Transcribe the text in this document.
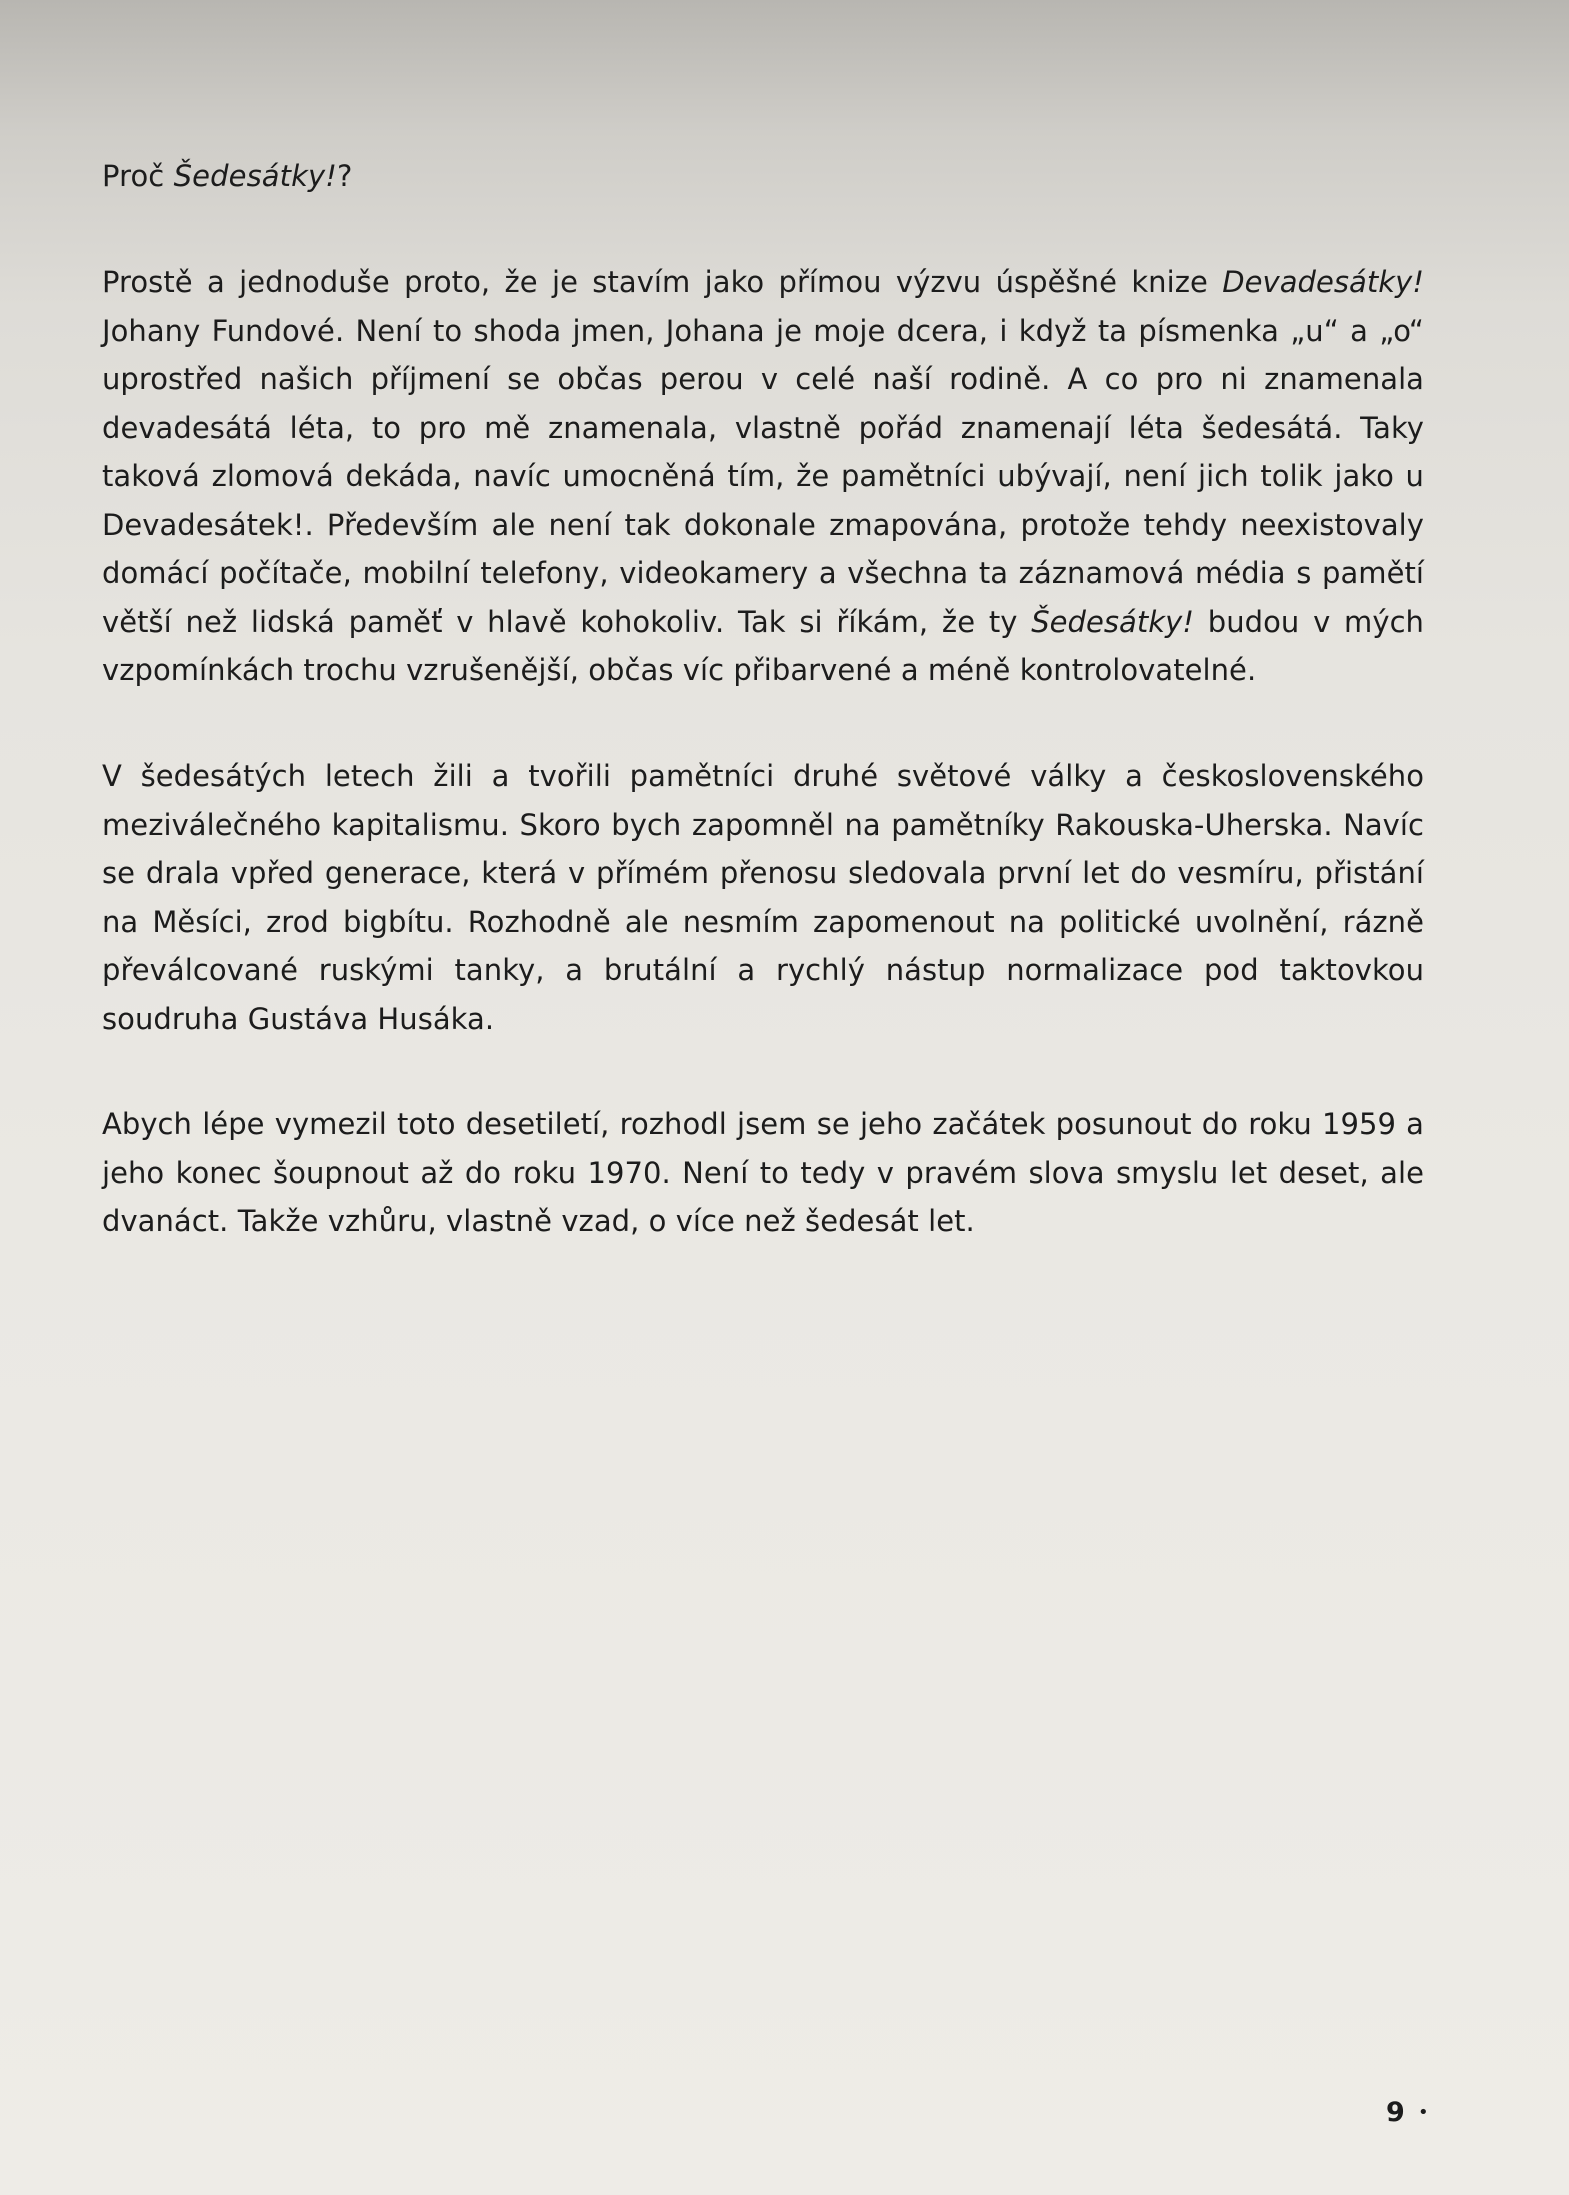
Proč Šedesátky!?

Prostě a jednoduše proto, že je stavím jako přímou výzvu úspěšné knize Devadesátky! Johany Fundové. Není to shoda jmen, Johana je moje dcera, i když ta písmenka „u“ a „o“ uprostřed našich příjmení se občas perou v celé naší rodině. A co pro ni znamenala devadesátá léta, to pro mě znamenala, vlastně pořád znamenají léta šedesátá. Taky taková zlomová dekáda, navíc umocněná tím, že pamětníci ubývají, není jich tolik jako u Devadesátek!. Především ale není tak dokonale zmapována, protože tehdy neexistovaly domácí počítače, mobilní telefony, videokamery a všechna ta záznamová média s pamětí větší než lidská paměť v hlavě kohokoliv. Tak si říkám, že ty Šedesátky! budou v mých vzpomínkách trochu vzrušenější, občas víc přibarvené a méně kontrolovatelné.

V šedesátých letech žili a tvořili pamětníci druhé světové války a československého meziválečného kapitalismu. Skoro bych zapomněl na pamětníky Rakouska-Uherska. Navíc se drala vpřed generace, která v přímém přenosu sledovala první let do vesmíru, přistání na Měsíci, zrod bigbítu. Rozhodně ale nesmím zapomenout na politické uvolnění, rázně převálcované ruskými tanky, a brutální a rychlý nástup normalizace pod taktovkou soudruha Gustáva Husáka.

Abych lépe vymezil toto desetiletí, rozhodl jsem se jeho začátek posunout do roku 1959 a jeho konec šoupnout až do roku 1970. Není to tedy v pravém slova smyslu let deset, ale dvanáct. Takže vzhůru, vlastně vzad, o více než šedesát let.

9 •
